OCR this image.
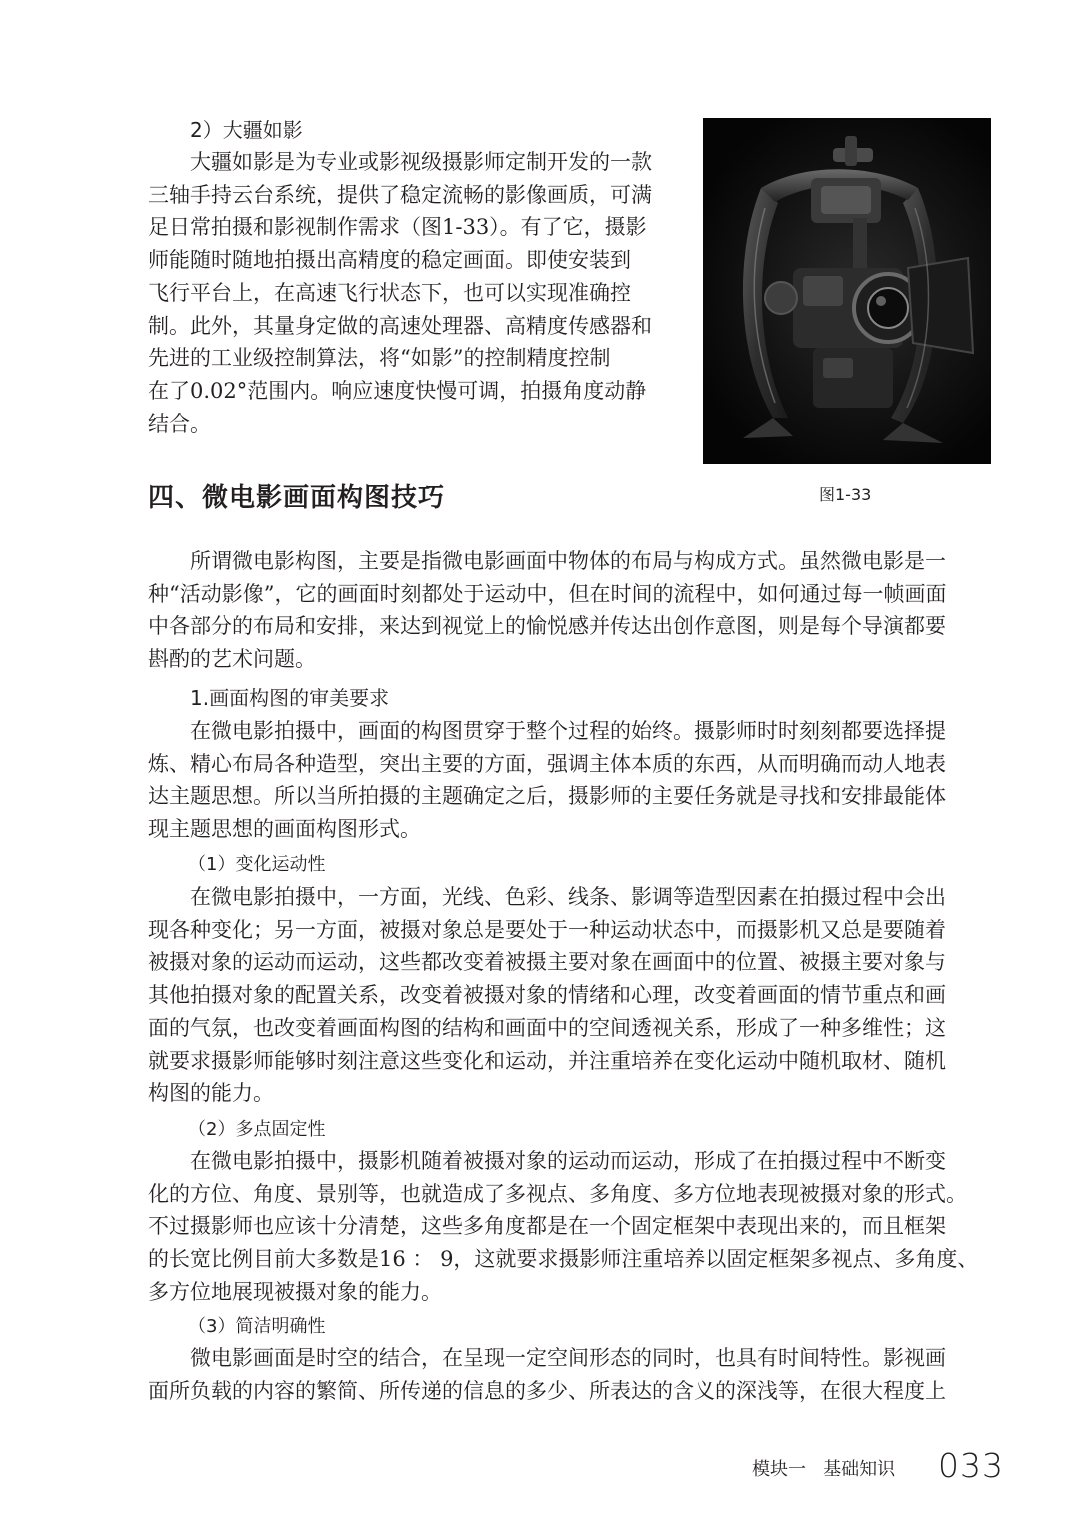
2）大疆如影

大疆如影是为专业或影视级摄影师定制开发的一款
三轴手持云台系统，提供了稳定流畅的影像画质，可满
足日常拍摄和影视制作需求（图1-33）。有了它，摄影
师能随时随地拍摄出高精度的稳定画面。即使安装到
飞行平台上，在高速飞行状态下，也可以实现准确控
制。此外，其量身定做的高速处理器、高精度传感器和
先进的工业级控制算法，将“如影”的控制精度控制
在了0.02°范围内。响应速度快慢可调，拍摄角度动静
结合。

图1-33

四、微电影画面构图技巧
所谓微电影构图，主要是指微电影画面中物体的布局与构成方式。虽然微电影是一
种“活动影像”，它的画面时刻都处于运动中，但在时间的流程中，如何通过每一帧画面
中各部分的布局和安排，来达到视觉上的愉悦感并传达出创作意图，则是每个导演都要
斟酌的艺术问题。

1.画面构图的审美要求

在微电影拍摄中，画面的构图贯穿于整个过程的始终。摄影师时时刻刻都要选择提
炼、精心布局各种造型，突出主要的方面，强调主体本质的东西，从而明确而动人地表
达主题思想。所以当所拍摄的主题确定之后，摄影师的主要任务就是寻找和安排最能体
现主题思想的画面构图形式。

（1）变化运动性

在微电影拍摄中，一方面，光线、色彩、线条、影调等造型因素在拍摄过程中会出
现各种变化；另一方面，被摄对象总是要处于一种运动状态中，而摄影机又总是要随着
被摄对象的运动而运动，这些都改变着被摄主要对象在画面中的位置、被摄主要对象与
其他拍摄对象的配置关系，改变着被摄对象的情绪和心理，改变着画面的情节重点和画
面的气氛，也改变着画面构图的结构和画面中的空间透视关系，形成了一种多维性；这
就要求摄影师能够时刻注意这些变化和运动，并注重培养在变化运动中随机取材、随机
构图的能力。

（2）多点固定性

在微电影拍摄中，摄影机随着被摄对象的运动而运动，形成了在拍摄过程中不断变
化的方位、角度、景别等，也就造成了多视点、多角度、多方位地表现被摄对象的形式。
不过摄影师也应该十分清楚，这些多角度都是在一个固定框架中表现出来的，而且框架
的长宽比例目前大多数是16 ： 9，这就要求摄影师注重培养以固定框架多视点、多角度、
多方位地展现被摄对象的能力。

（3）简洁明确性

微电影画面是时空的结合，在呈现一定空间形态的同时，也具有时间特性。影视画
面所负载的内容的繁简、所传递的信息的多少、所表达的含义的深浅等，在很大程度上

模块一   基础知识 033
